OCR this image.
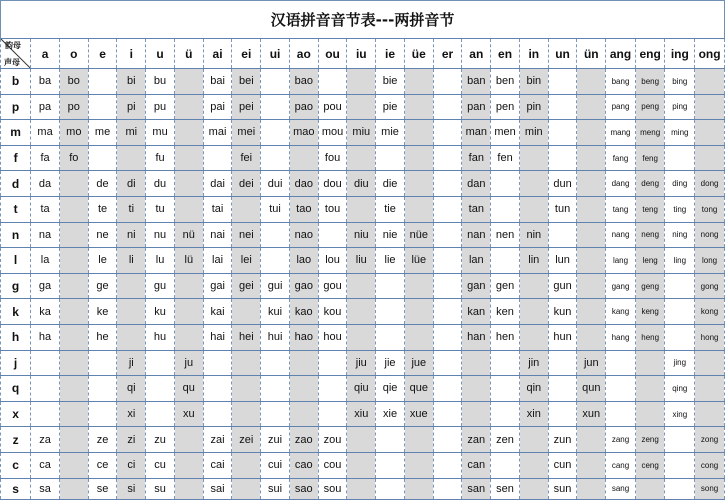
汉语拼音音节表---两拼音节
韵母
声母	a	o	e	i	u	ü	ai	ei	ui	ao	ou	iu	ie	üe	er	an	en	in	un	ün	ang	eng	ing	ong
b	ba	bo		bi	bu		bai	bei		bao			bie			ban	ben	bin			bang	beng	bing	
p	pa	po		pi	pu		pai	pei		pao	pou		pie			pan	pen	pin			pang	peng	ping	
m	ma	mo	me	mi	mu		mai	mei		mao	mou	miu	mie			man	men	min			mang	meng	ming	
f	fa	fo			fu			fei			fou					fan	fen				fang	feng		
d	da		de	di	du		dai	dei	dui	dao	dou	diu	die			dan			dun		dang	deng	ding	dong
t	ta		te	ti	tu		tai		tui	tao	tou		tie			tan			tun		tang	teng	ting	tong
n	na		ne	ni	nu	nü	nai	nei		nao		niu	nie	nüe		nan	nen	nin			nang	neng	ning	nong
l	la		le	li	lu	lü	lai	lei		lao	lou	liu	lie	lüe		lan		lin	lun		lang	leng	ling	long
g	ga		ge		gu		gai	gei	gui	gao	gou					gan	gen		gun		gang	geng		gong
k	ka		ke		ku		kai		kui	kao	kou					kan	ken		kun		kang	keng		kong
h	ha		he		hu		hai	hei	hui	hao	hou					han	hen		hun		hang	heng		hong
j				ji		ju						jiu	jie	jue				jin		jun			jing	
q				qi		qu						qiu	qie	que				qin		qun			qing	
x				xi		xu						xiu	xie	xue				xin		xun			xing	
z	za		ze	zi	zu		zai	zei	zui	zao	zou					zan	zen		zun		zang	zeng		zong
c	ca		ce	ci	cu		cai		cui	cao	cou					can			cun		cang	ceng		cong
s	sa		se	si	su		sai		sui	sao	sou					san	sen		sun		sang			song
